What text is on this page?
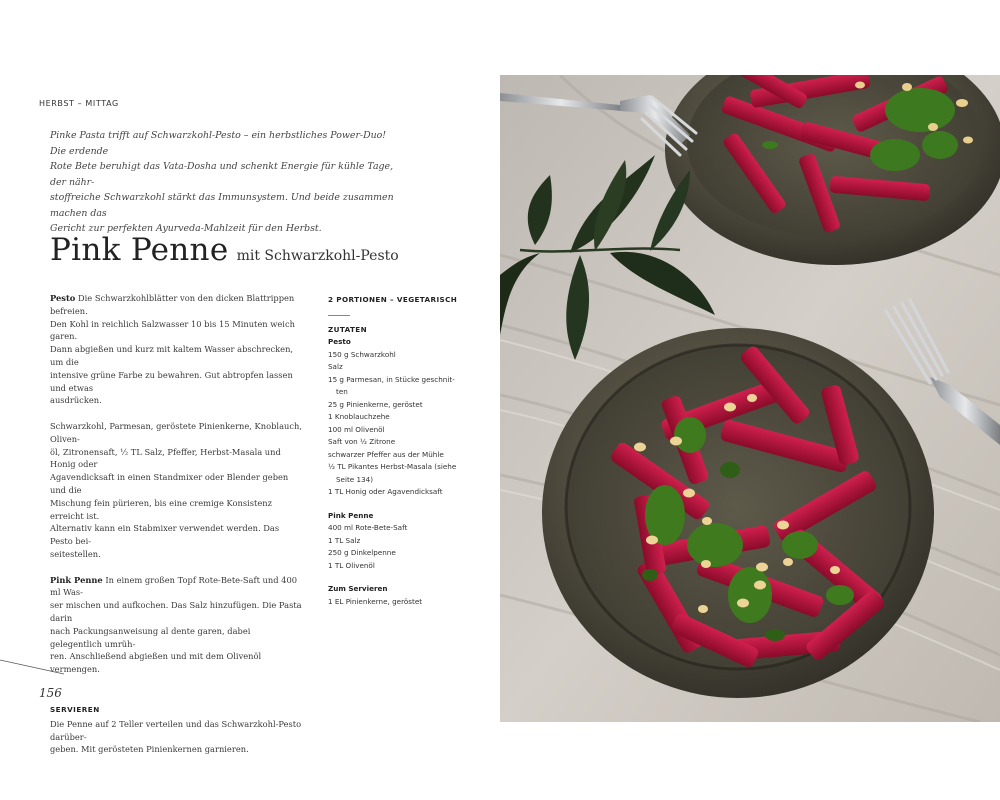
HERBST – MITTAG

Pinke Pasta trifft auf Schwarzkohl-Pesto – ein herbstliches Power-Duo! Die erdende

Rote Bete beruhigt das Vata-Dosha und schenkt Energie für kühle Tage, der nähr-

stoffreiche Schwarzkohl stärkt das Immunsystem. Und beide zusammen machen das

Gericht zur perfekten Ayurveda-Mahlzeit für den Herbst.

Pink Penne mit Schwarzkohl-Pesto

Pesto Die Schwarzkohlblätter von den dicken Blattrippen befreien.
Den Kohl in reichlich Salzwasser 10 bis 15 Minuten weich garen.
Dann abgießen und kurz mit kaltem Wasser abschrecken, um die
intensive grüne Farbe zu bewahren. Gut abtropfen lassen und etwas
ausdrücken.

Schwarzkohl, Parmesan, geröstete Pinienkerne, Knoblauch, Oliven-
öl, Zitronensaft, ½ TL Salz, Pfeffer, Herbst-Masala und Honig oder
Agavendicksaft in einen Standmixer oder Blender geben und die
Mischung fein pürieren, bis eine cremige Konsistenz erreicht ist.
Alternativ kann ein Stabmixer verwendet werden. Das Pesto bei-
seitestellen.

Pink Penne In einem großen Topf Rote-Bete-Saft und 400 ml Was-
ser mischen und aufkochen. Das Salz hinzufügen. Die Pasta darin
nach Packungsanweisung al dente garen, dabei gelegentlich umrüh-
ren. Anschließend abgießen und mit dem Olivenöl vermengen.

SERVIEREN
Die Penne auf 2 Teller verteilen und das Schwarzkohl-Pesto darüber-
geben. Mit gerösteten Pinienkernen garnieren.
2 PORTIONEN – VEGETARISCH
ZUTATEN
Pesto
150 g Schwarzkohl
Salz
15 g Parmesan, in Stücke geschnit-
ten
25 g Pinienkerne, geröstet
1 Knoblauchzehe
100 ml Olivenöl
Saft von ½ Zitrone
schwarzer Pfeffer aus der Mühle
½ TL Pikantes Herbst-Masala (siehe
Seite 134)
1 TL Honig oder Agavendicksaft
Pink Penne
400 ml Rote-Bete-Saft
1 TL Salz
250 g Dinkelpenne
1 TL Olivenöl
Zum Servieren
1 EL Pinienkerne, geröstet
156
